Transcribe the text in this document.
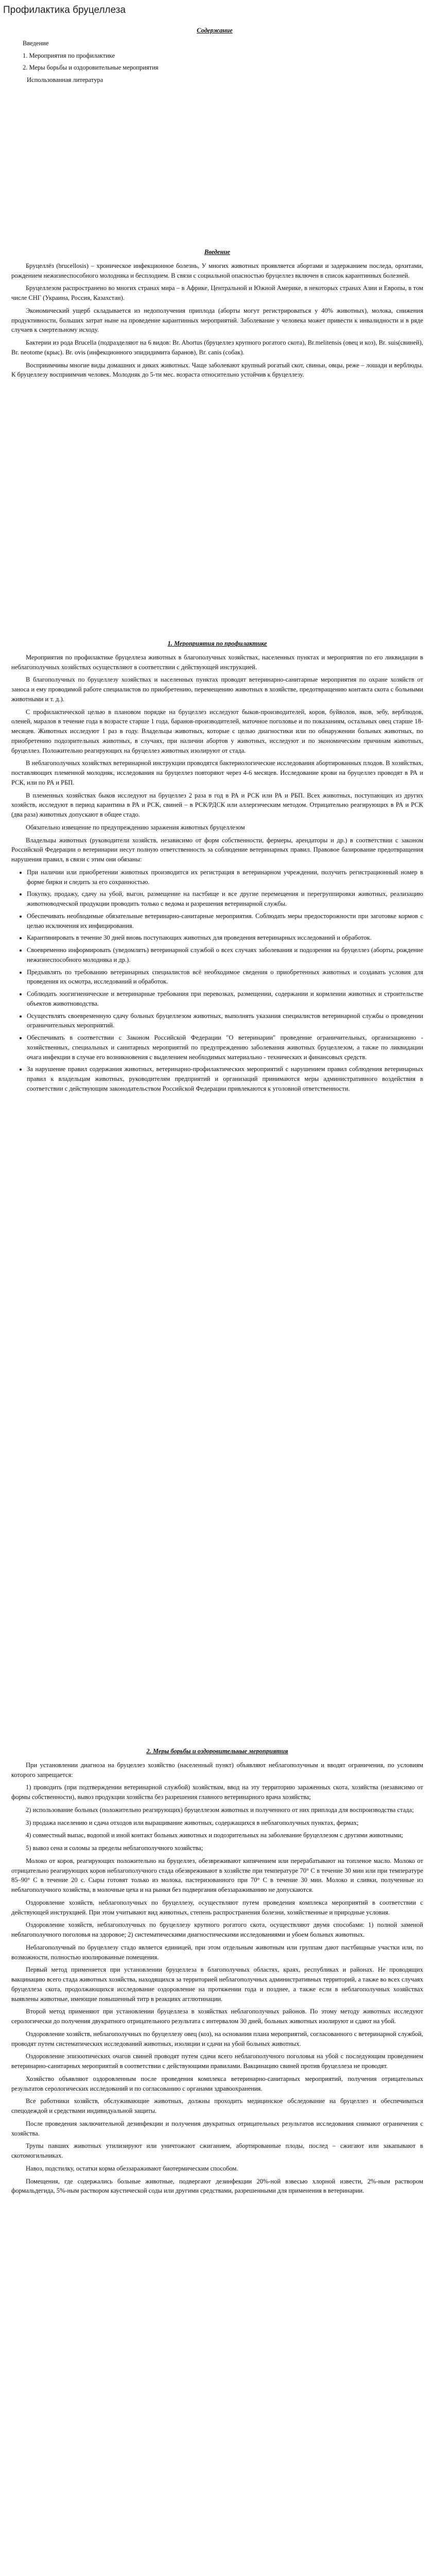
Профилактика бруцеллеза
Содержание
Введение
1. Мероприятия по профилактике
2. Меры борьбы и оздоровительные мероприятия
Использованная литература
Введение

Бруцеллёз (brucellosis) – хроническое инфекционное болезнь, У многих животных проявляется абортами и задержанием последа, орхитами, рождением нежизнеспособного молодняка и бесплодием. В связи с социальной опасностью бруцеллез включен в список карантинных болезней.

Бруцеллезом распространено во многих странах мира – в Африке, Центральной и Южной Америке, в некоторых странах Азии и Европы, в том числе СНГ (Украина, Россия, Казахстан).

Экономический ущерб складывается из недополучения приплода (аборты могут регистрироваться у 40% животных), молока, снижения продуктивности, больших затрат ныне на проведение карантинных мероприятий. Заболевание у человека может привести к инвалидности и в ряде случаев к смертельному исходу.

Бактерии из рода Brucella (подразделяют на 6 видов: Br. Abortus (бруцеллез крупного рогатого скота), Br.melitensis (овец и коз), Br. suis(свиней), Br. neotome (крыс). Br. ovis (инфекционного эпидидимита баранов), Br. canis (собак).

Восприимчивы многие виды домашних и диких животных. Чаще заболевают крупный рогатый скот, свиньи, овцы, реже – лошади и верблюды. К бруцеллезу восприимчив человек. Молодняк до 5-ти мес. возраста относительно устойчив к бруцеллезу.

1. Мероприятия по профилактике

Мероприятия по профилактике бруцеллеза животных в благополучных хозяйствах, населенных пунктах и мероприятия по его ликвидации в неблагополучных хозяйствах осуществляют в соответствии с действующей инструкцией.

В благополучных по бруцеллезу хозяйствах и населенных пунктах проводят ветеринарно-санитарные мероприятия по охране хозяйств от заноса и ему проводимой работе специалистов по приобретению, перемещению животных в хозяйстве, предотвращению контакта скота с больными животными и т. д.).

С профилактической целью в плановом порядке на бруцеллез исследуют быков-производителей, коров, буйволов, яков, зебу, верблюдов, оленей, маралов в течение года в возрасте старше 1 года, баранов-производителей, маточное поголовье и по показаниям, остальных овец старше 18-месяцев. Животных исследуют 1 раз в году. Владельцы животных, которые с целью диагностики или по обнаружении больных животных, по приобретению подозрительных животных, в случаях, при наличии абортов у животных, исследуют и по экономическим причинам животных, бруцеллез. Положительно реагирующих на бруцеллез животных изолируют от стада.

В неблагополучных хозяйствах ветеринарной инструкции проводятся бактериологические исследования абортированных плодов. В хозяйствах, поставляющих племенной молодняк, исследования на бруцеллез повторяют через 4-6 месяцев. Исследование крови на бруцеллез проводят в РА и РСК, или по РА и РБП.

В племенных хозяйствах быков исследуют на бруцеллез 2 раза в год в РА и РСК или РА и РБП. Всех животных, поступающих из других хозяйств, исследуют в период карантина в РА и РСК, свиней – в РСК/РДСК или аллергическим методом. Отрицательно реагирующих в РА и РСК (два раза) животных допускают в общее стадо.

Обязательно извещение по предупреждению заражения животных бруцеллезом

Владельцы животных (руководители хозяйств, независимо от форм собственности, фермеры, арендаторы и др.) в соответствии с законом Российской Федерации о ветеринарии несут полную ответственность за соблюдение ветеринарных правил. Правовое базирование предотвращения нарушения правил, в связи с этим они обязаны:

• При наличии или приобретении животных производится их регистрация в ветеринарном учреждении, получить регистрационный номер в форме бирки и следить за его сохранностью.
• Покупку, продажу, сдачу на убой, выгон, размещение на пастбище и все другие перемещения и перегруппировки животных, реализацию животноводческой продукции проводить только с ведома и разрешения ветеринарной службы.
• Обеспечивать необходимые обязательные ветеринарно-санитарные мероприятия. Соблюдать меры предосторожности при заготовке кормов с целью исключения их инфицирования.
• Карантинировать в течение 30 дней вновь поступающих животных для проведения ветеринарных исследований и обработок.
• Своевременно информировать (уведомлять) ветеринарной службой о всех случаях заболевания и подозрения на бруцеллез (аборты, рождение нежизнеспособного молодняка и др.).
• Предъявлять по требованию ветеринарных специалистов всё необходимое сведения о приобретенных животных и создавать условия для проведения их осмотра, исследований и обработок.
• Соблюдать зоогигиенические и ветеринарные требования при перевозках, размещении, содержании и кормлении животных и строительстве объектов животноводства.
• Осуществлять своевременную сдачу больных бруцеллезом животных, выполнять указания специалистов ветеринарной службы о проведении ограничительных мероприятий.
• Обеспечивать в соответствии с Законом Российской Федерации "О ветеринарии" проведение ограничительных, организационно - хозяйственных, специальных и санитарных мероприятий по предупреждению заболевания животных бруцеллезом, а также по ликвидации очага инфекции в случае его возникновения с выделением необходимых материально - технических и финансовых средств.
• За нарушение правил содержания животных, ветеринарно-профилактических мероприятий с нарушением правил соблюдения ветеринарных правил к владельцам животных, руководителям предприятий и организаций принимаются меры административного воздействия в соответствии с действующим законодательством Российской Федерации привлекаются к уголовной ответственности.
2. Меры борьбы и оздоровительные мероприятия

При установлении диагноза на бруцеллез хозяйство (населенный пункт) объявляют неблагополучным и вводят ограничения, по условиям которого запрещается:

1) проводить (при подтверждении ветеринарной службой) хозяйствам, ввод на эту территорию зараженных скота, хозяйства (независимо от формы собственности), вывоз продукции хозяйства без разрешения главного ветеринарного врача хозяйства;

2) использование больных (положительно реагирующих) бруцеллезом животных и полученного от них приплода для воспроизводства стада;

3) продажа населению и сдача отходов или выращивание животных, содержащихся в неблагополучных пунктах, фермах;

4) совместный выпас, водопой и иной контакт больных животных и подозрительных на заболевание бруцеллезом с другими животными;

5) вывоз сена и соломы за пределы неблагополучного хозяйства;

Молоко от коров, реагирующих положительно на бруцеллез, обезвреживают кипячением или перерабатывают на топленое масло. Молоко от отрицательно реагирующих коров неблагополучного стада обезвреживают в хозяйстве при температуре 70° С в течение 30 мин или при температуре 85–90° С в течение 20 с. Сыры готовят только из молока, пастеризованного при 70° С в течение 30 мин. Молоко и сливки, полученные из неблагополучного хозяйства, в молочные цеха и на рынки без подвергания обеззараживанию не допускаются.

Оздоровление хозяйств, неблагополучных по бруцеллезу, осуществляют путем проведения комплекса мероприятий в соответствии с действующей инструкцией. При этом учитывают вид животных, степень распространения болезни, хозяйственные и природные условия.

Оздоровление хозяйств, неблагополучных по бруцеллезу крупного рогатого скота, осуществляют двумя способами: 1) полной заменой неблагополучного поголовья на здоровое; 2) систематическими диагностическими исследованиями и убоем больных животных.

Неблагополучный по бруцеллезу стадо является единицей, при этом отдельным животным или группам дают пастбищные участки или, по возможности, полностью изолированные помещения.

Первый метод применяется при установлении бруцеллеза в благополучных областях, краях, республиках и районах. Не проводящих вакцинацию всего стада животных хозяйства, находящихся за территорией неблагополучных административных территорий, а также во всех случаях бруцеллеза скота, продолжающихся исследование оздоровление на протяжении года и позднее, а также если в неблагополучных хозяйствах выявлены животные, имеющие повышенный титр в реакциях агглютинации.

Второй метод применяют при установлении бруцеллеза в хозяйствах неблагополучных районов. По этому методу животных исследуют серологически до получения двукратного отрицательного результата с интервалом 30 дней, больных животных изолируют и сдают на убой.

Оздоровление хозяйств, неблагополучных по бруцеллезу овец (коз), на основании плана мероприятий, согласованного с ветеринарной службой, проводят путем систематических исследований животных, изоляции и сдачи на убой больных животных.

Оздоровление эпизоотических очагов свиней проводят путем сдачи всего неблагополучного поголовья на убой с последующим проведением ветеринарно-санитарных мероприятий в соответствии с действующими правилами. Вакцинацию свиней против бруцеллеза не проводят.

Хозяйство объявляют оздоровленным после проведения комплекса ветеринарно-санитарных мероприятий, получения отрицательных результатов серологических исследований и по согласованию с органами здравоохранения.

Все работники хозяйств, обслуживающие животных, должны проходить медицинское обследование на бруцеллез и обеспечиваться спецодеждой и средствами индивидуальной защиты.

После проведения заключительной дезинфекции и получения двукратных отрицательных результатов исследования снимают ограничения с хозяйства.

Трупы павших животных утилизируют или уничтожают сжиганием, абортированные плоды, послед – сжигают или закапывают в скотомогильниках.

Навоз, подстилку, остатки корма обеззараживают биотермическим способом.

Помещения, где содержались больные животные, подвергают дезинфекции 20%-ной взвесью хлорной извести, 2%-ным раствором формальдегида, 5%-ным раствором каустической соды или другими средствами, разрешенными для применения в ветеринарии.
